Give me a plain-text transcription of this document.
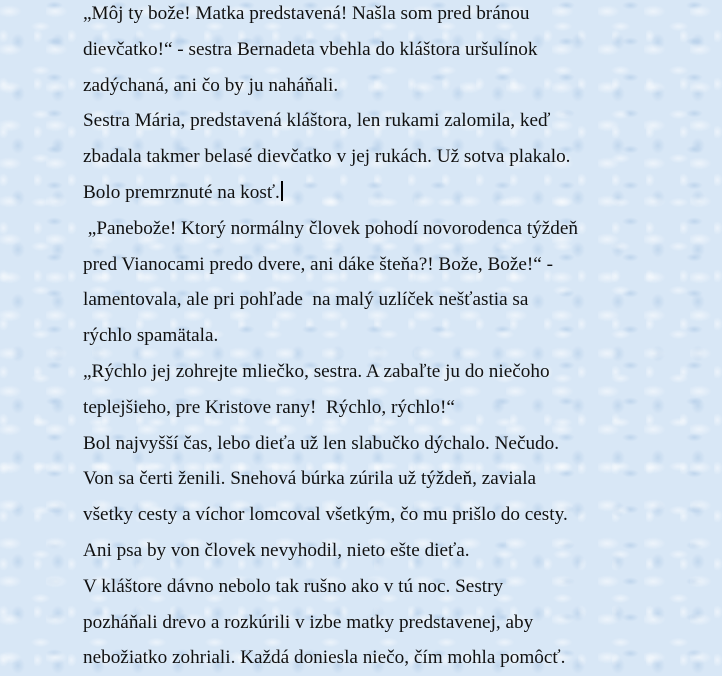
„Môj ty bože! Matka predstavená! Našla som pred bránou
dievčatko!“ - sestra Bernadeta vbehla do kláštora uršulínok
zadýchaná, ani čo by ju naháňali.
Sestra Mária, predstavená kláštora, len rukami zalomila, keď
zbadala takmer belasé dievčatko v jej rukách. Už sotva plakalo.
Bolo premrznuté na kosť.
„Panebože! Ktorý normálny človek pohodí novorodenca týždeň
pred Vianocami predo dvere, ani dáke šteňa?! Bože, Bože!“ -
lamentovala, ale pri pohľade  na malý uzlíček nešťastia sa
rýchlo spamätala.
„Rýchlo jej zohrejte mliečko, sestra. A zabaľte ju do niečoho
teplejšieho, pre Kristove rany!  Rýchlo, rýchlo!“
Bol najvyšší čas, lebo dieťa už len slabučko dýchalo. Nečudo.
Von sa čerti ženili. Snehová búrka zúrila už týždeň, zaviala
všetky cesty a víchor lomcoval všetkým, čo mu prišlo do cesty.
Ani psa by von človek nevyhodil, nieto ešte dieťa.
V kláštore dávno nebolo tak rušno ako v tú noc. Sestry
pozháňali drevo a rozkúrili v izbe matky predstavenej, aby
nebožiatko zohriali. Každá doniesla niečo, čím mohla pomôcť.
